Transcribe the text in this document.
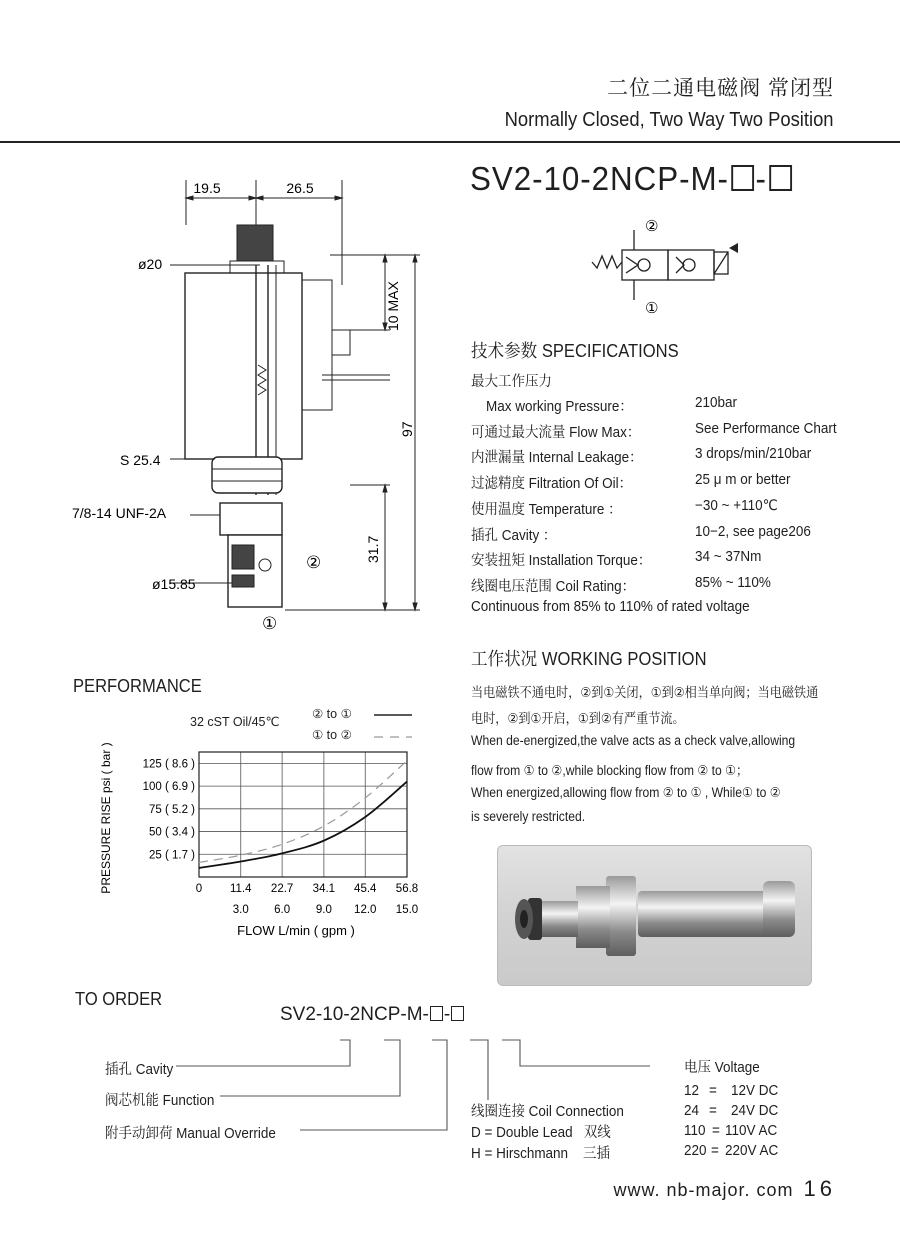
二位二通电磁阀 常闭型
Normally Closed, Two Way Two Position
SV2-10-2NCP-M- -
19.5	26.5
ø20
10 MAX
97
S 25.4
7/8-14 UNF-2A
31.7
ø15.85
②
①
②
①
技术参数 SPECIFICATIONS
最大工作压力
Max working Pressure：	210bar
可通过最大流量 Flow Max：	See Performance Chart
内泄漏量 Internal Leakage：	3 drops/min/210bar
过滤精度 Filtration Of Oil：	25 μ m or better
使用温度 Temperature ：	−30 ~ +110℃
插孔 Cavity ：	10−2, see page206
安装扭矩 Installation Torque：	34 ~ 37Nm
线圈电压范围 Coil Rating：	85% ~ 110%
Continuous from 85% to 110% of rated voltage
工作状况 WORKING POSITION
当电磁铁不通电时，②到①关闭，①到②相当单向阀；当电磁铁通
电时，②到①开启，①到②有严重节流。
When de-energized,the valve acts as a check valve,allowing
flow from ① to ②,while blocking flow from ② to ①；
When energized,allowing flow from ② to ① , While① to ②
is severely restricted.
PERFORMANCE
32 cST Oil/45℃
② to ①
① to ②
PRESSURE RISE psi ( bar )
FLOW L/min ( gpm )
125 ( 8.6 )
100 ( 6.9 )
75 ( 5.2 )
50 ( 3.4 )
25 ( 1.7 )
0 11.4 22.7 34.1 45.4 56.8
3.0 6.0 9.0 12.0 15.0
TO ORDER
SV2-10-2NCP-M- -
插孔 Cavity
阀芯机能 Function
附手动卸荷 Manual Override
线圈连接 Coil Connection
D = Double Lead   双线
H = Hirschmann    三插
电压 Voltage
12 = 12V DC
24 = 24V DC
110 = 110V AC
220 = 220V AC
www. nb-major. com 16
